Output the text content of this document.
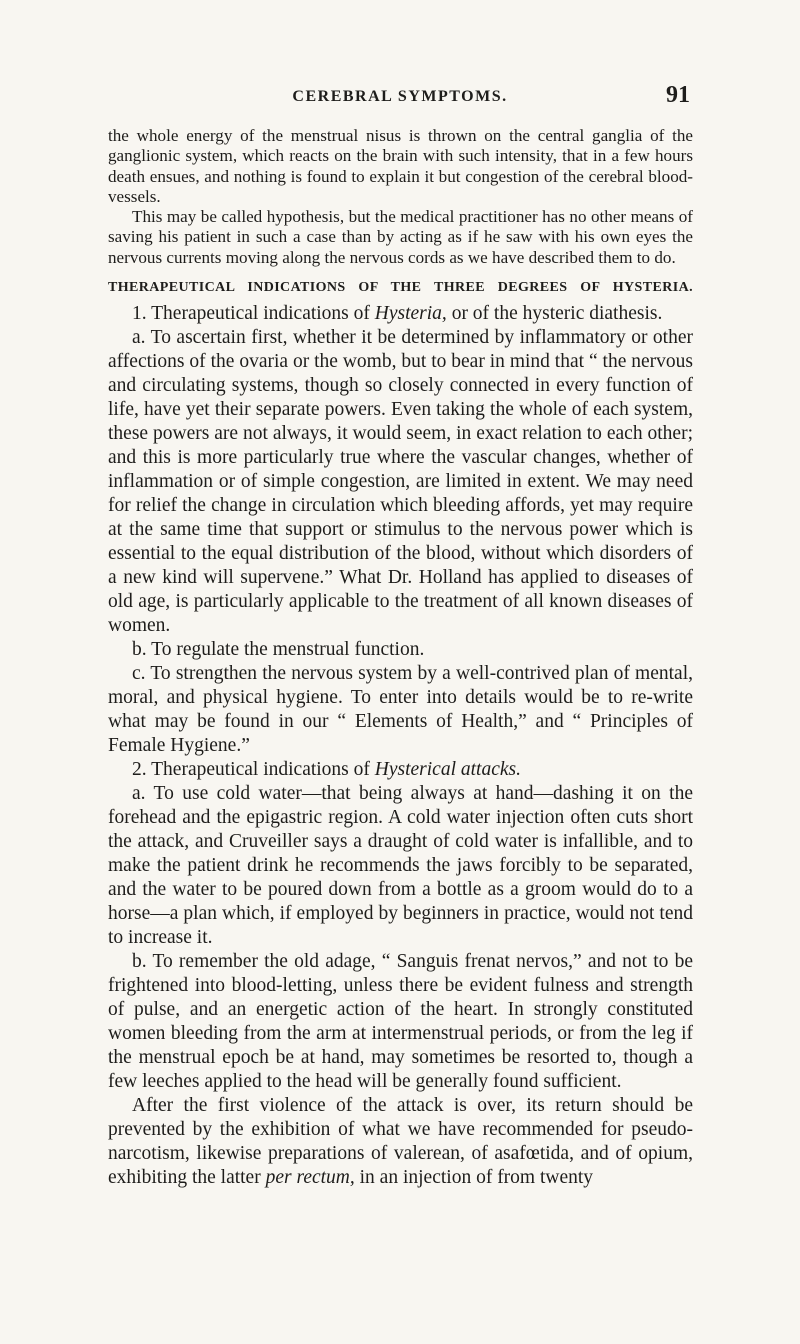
CEREBRAL SYMPTOMS.	91

the whole energy of the menstrual nisus is thrown on the central ganglia of the ganglionic system, which reacts on the brain with such intensity, that in a few hours death ensues, and nothing is found to explain it but congestion of the cerebral blood-vessels.

This may be called hypothesis, but the medical practitioner has no other means of saving his patient in such a case than by acting as if he saw with his own eyes the nervous currents moving along the nervous cords as we have described them to do.

THERAPEUTICAL INDICATIONS OF THE THREE DEGREES OF HYSTERIA.

1. Therapeutical indications of Hysteria, or of the hysteric diathesis.

a. To ascertain first, whether it be determined by inflammatory or other affections of the ovaria or the womb, but to bear in mind that “ the nervous and circulating systems, though so closely connected in every function of life, have yet their separate powers. Even taking the whole of each system, these powers are not always, it would seem, in exact relation to each other; and this is more particularly true where the vascular changes, whether of inflammation or of simple congestion, are limited in extent. We may need for relief the change in circulation which bleeding affords, yet may require at the same time that support or stimulus to the nervous power which is essential to the equal distribution of the blood, without which disorders of a new kind will supervene.” What Dr. Holland has applied to diseases of old age, is particularly applicable to the treatment of all known diseases of women.

b. To regulate the menstrual function.

c. To strengthen the nervous system by a well-contrived plan of mental, moral, and physical hygiene. To enter into details would be to re-write what may be found in our “ Elements of Health,” and “ Principles of Female Hygiene.”

2. Therapeutical indications of Hysterical attacks.

a. To use cold water—that being always at hand—dashing it on the forehead and the epigastric region. A cold water injection often cuts short the attack, and Cruveiller says a draught of cold water is infallible, and to make the patient drink he recommends the jaws forcibly to be separated, and the water to be poured down from a bottle as a groom would do to a horse—a plan which, if employed by beginners in practice, would not tend to increase it.

b. To remember the old adage, “ Sanguis frenat nervos,” and not to be frightened into blood-letting, unless there be evident fulness and strength of pulse, and an energetic action of the heart. In strongly constituted women bleeding from the arm at intermenstrual periods, or from the leg if the menstrual epoch be at hand, may sometimes be resorted to, though a few leeches applied to the head will be generally found sufficient.

After the first violence of the attack is over, its return should be prevented by the exhibition of what we have recommended for pseudo-narcotism, likewise preparations of valerean, of asafœtida, and of opium, exhibiting the latter per rectum, in an injection of from twenty
